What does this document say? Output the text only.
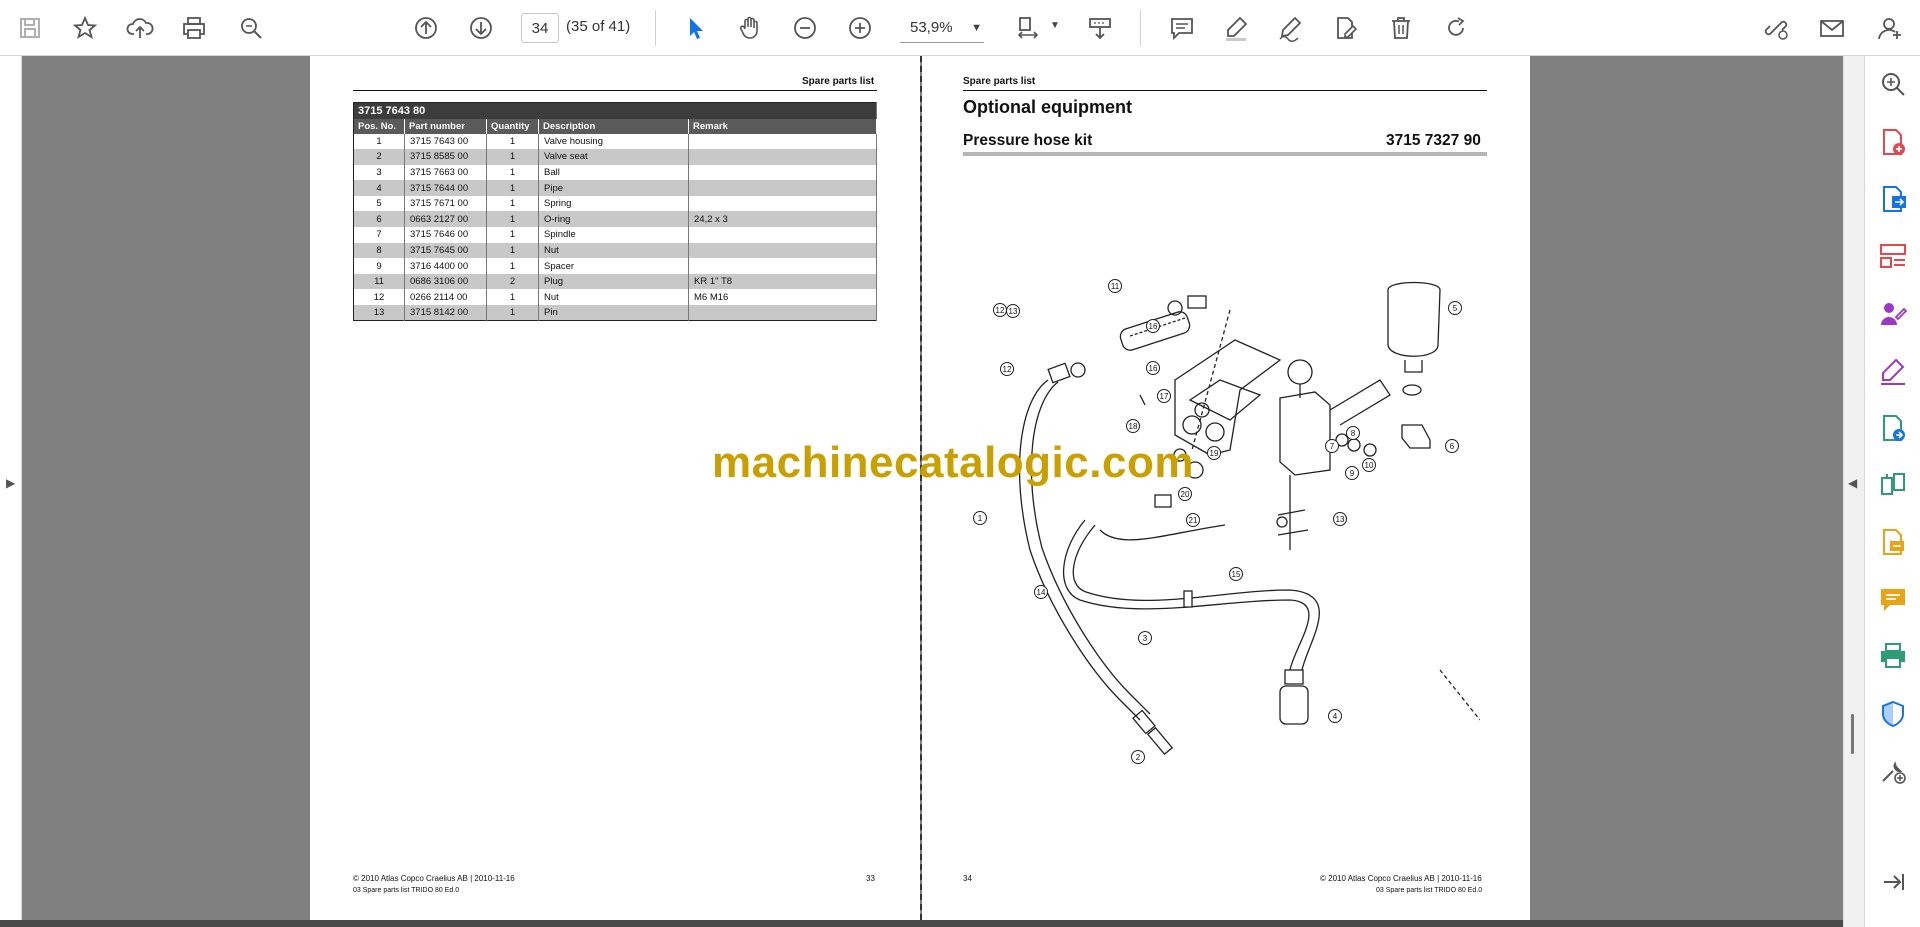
34
(35 of 41)	53,9% ▼	▼
▶
Spare parts list
3715 7643 80				
Pos. No.	Part number	Quantity	Description	Remark
1	3715 7643 00	1	Valve housing	
2	3715 8585 00	1	Valve seat	
3	3715 7663 00	1	Ball	
4	3715 7644 00	1	Pipe	
5	3715 7671 00	1	Spring	
6	0663 2127 00	1	O-ring	24,2 x 3
7	3715 7646 00	1	Spindle	
8	3715 7645 00	1	Nut	
9	3716 4400 00	1	Spacer	
11	0686 3106 00	2	Plug	KR 1" T8
12	0266 2114 00	1	Nut	M6 M16
13	3715 8142 00	1	Pin	
© 2010 Atlas Copco Craelius AB | 2010-11-16
03 Spare parts list TRIDO 80 Ed.0
33
Spare parts list
Optional equipment
Pressure hose kit	3715 7327 90
1
2
3
4
5
6
7
8
9
10
11
12 13
12
13
14
15
16
16
17
18
19
20
21
34	© 2010 Atlas Copco Craelius AB | 2010-11-16
03 Spare parts list TRIDO 80 Ed.0
machinecatalogic.com	◀
